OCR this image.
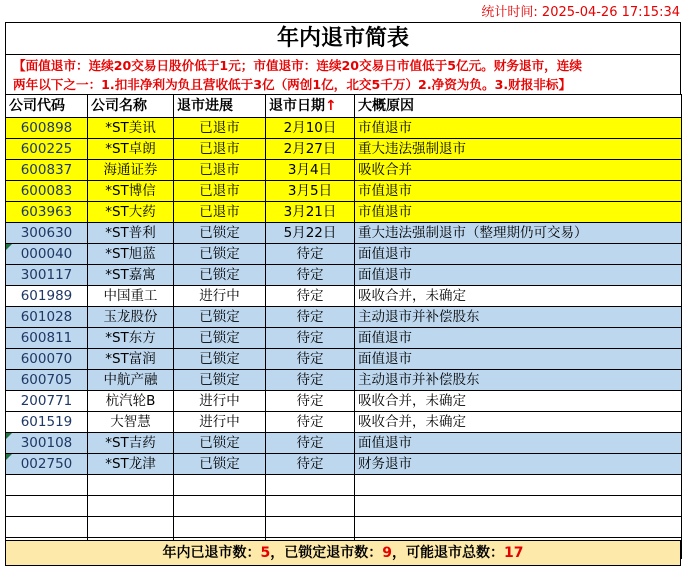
统计时间: 2025-04-26 17:15:34
年内退市简表
【面值退市：连续20交易日股价低于1元；市值退市：连续20交易日市值低于5亿元。财务退市，连续
两年以下之一：1.扣非净利为负且营收低于3亿（两创1亿，北交5千万）2.净资为负。3.财报非标】
公司代码	公司名称	退市进展	退市日期↑	大概原因
600898	*ST美讯	已退市	2月10日	市值退市
600225	*ST卓朗	已退市	2月27日	重大违法强制退市
600837	海通证券	已退市	3月4日	吸收合并
600083	*ST博信	已退市	3月5日	市值退市
603963	*ST大药	已退市	3月21日	市值退市
300630	*ST普利	已锁定	5月22日	重大违法强制退市（整理期仍可交易）

000040	*ST旭蓝	已锁定	待定	面值退市
300117	*ST嘉寓	已锁定	待定	面值退市
601989	中国重工	进行中	待定	吸收合并，未确定
601028	玉龙股份	已锁定	待定	主动退市并补偿股东
600811	*ST东方	已锁定	待定	面值退市
600070	*ST富润	已锁定	待定	面值退市
600705	中航产融	已锁定	待定	主动退市并补偿股东
200771	杭汽轮B	进行中	待定	吸收合并，未确定
601519	大智慧	进行中	待定	吸收合并，未确定

300108	*ST吉药	已锁定	待定	面值退市

002750	*ST龙津	已锁定	待定	财务退市

年内已退市数：5，已锁定退市数：9，可能退市总数：17
